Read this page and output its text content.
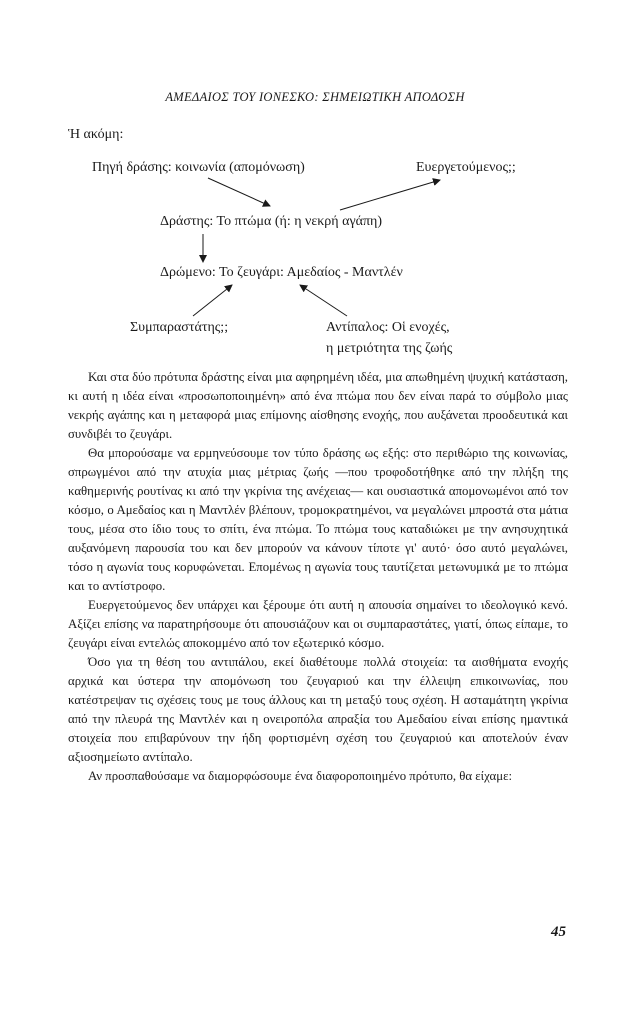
ΑΜΕΔΑΙΟΣ ΤΟΥ ΙΟΝΕΣΚΟ: ΣΗΜΕΙΩΤΙΚΗ ΑΠΟΔΟΣΗ
Ἡ ακόμη:
Πηγή δράσης: κοινωνία (απομόνωση)	Ευεργετούμενος;;
Δράστης: Το πτώμα (ή: η νεκρή αγάπη)
Δρώμενο: Το ζευγάρι: Αμεδαίος - Μαντλέν
Συμπαραστάτης;;	Αντίπαλος: Οἱ ενοχές,
η μετριότητα της ζωής

Και στα δύο πρότυπα δράστης είναι μια αφηρημένη ιδέα, μια απωθημένη ψυχική κατάσταση, κι αυτή η ιδέα είναι «προσωποποιημένη» από ένα πτώμα που δεν είναι παρά το σύμβολο μιας νεκρής αγάπης και η μεταφορά μιας επίμονης αίσθησης ενοχής, που αυξάνεται προοδευτικά και συνδιβέι το ζευγάρι.

Θα μπορούσαμε να ερμηνεύσουμε τον τύπο δράσης ως εξής: στο περιθώριο της κοινωνίας, σπρωγμένοι από την ατυχία μιας μέτριας ζωής —που τροφοδοτήθηκε από την πλήξη της καθημερινής ρουτίνας κι από την γκρίνια της ανέχειας— και ουσιαστικά απομονωμένοι από τον κόσμο, ο Αμεδαίος και η Μαντλέν βλέπουν, τρομοκρατημένοι, να μεγαλώνει μπροστά στα μάτια τους, μέσα στο ίδιο τους το σπίτι, ένα πτώμα. Το πτώμα τους καταδιώκει με την ανησυχητικά αυξανόμενη παρουσία του και δεν μπορούν να κάνουν τίποτε γι' αυτό· όσο αυτό μεγαλώνει, τόσο η αγωνία τους κορυφώνεται. Επομένως η αγωνία τους ταυτίζεται μετωνυμικά με το πτώμα και το αντίστροφο.

Ευεργετούμενος δεν υπάρχει και ξέρουμε ότι αυτή η απουσία σημαίνει το ιδεολογικό κενό. Αξίζει επίσης να παρατηρήσουμε ότι απουσιάζουν και οι συμπαραστάτες, γιατί, όπως είπαμε, το ζευγάρι είναι εντελώς αποκομμένο από τον εξωτερικό κόσμο.

Όσο για τη θέση του αντιπάλου, εκεί διαθέτουμε πολλά στοιχεία: τα αισθήματα ενοχής αρχικά και ύστερα την απομόνωση του ζευγαριού και την έλλειψη επικοινωνίας, που κατέστρεψαν τις σχέσεις τους με τους άλλους και τη μεταξύ τους σχέση. Η ασταμάτητη γκρίνια από την πλευρά της Μαντλέν και η ονειροπόλα απραξία του Αμεδαίου είναι επίσης ημαντικά στοιχεία που επιβαρύνουν την ήδη φορτισμένη σχέση του ζευγαριού και αποτελούν έναν αξιοσημείωτο αντίπαλο.

Αν προσπαθούσαμε να διαμορφώσουμε ένα διαφοροποιημένο πρότυπο, θα είχαμε:

45
